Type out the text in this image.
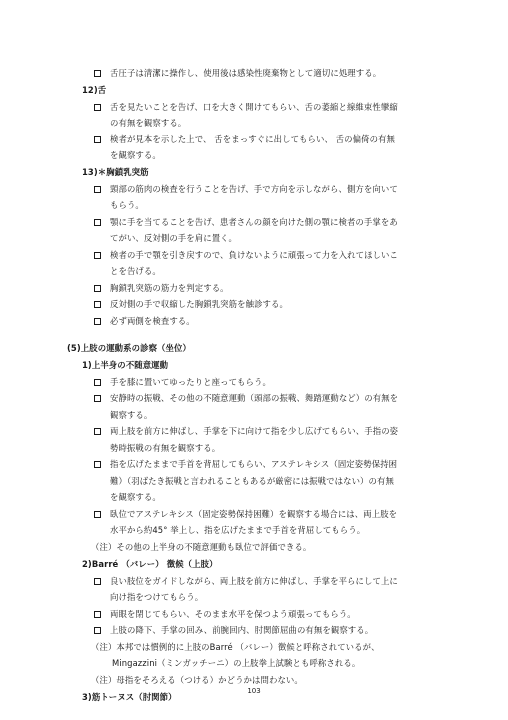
舌圧子は清潔に操作し、使用後は感染性廃棄物として適切に処理する。
12)舌
舌を見たいことを告げ、口を大きく開けてもらい、舌の萎縮と線維束性攣縮
の有無を観察する。
検者が見本を示した上で、 舌をまっすぐに出してもらい、 舌の偏倚の有無
を観察する。
13)＊胸鎖乳突筋
頸部の筋肉の検査を行うことを告げ、手で方向を示しながら、側方を向いて
もらう。
顎に手を当てることを告げ、患者さんの顔を向けた側の顎に検者の手掌をあ
てがい、反対側の手を肩に置く。
検者の手で顎を引き戻すので、負けないように頑張って力を入れてほしいこ
とを告げる。
胸鎖乳突筋の筋力を判定する。
反対側の手で収縮した胸鎖乳突筋を触診する。
必ず両側を検査する。
(5)上肢の運動系の診察（坐位）
1)上半身の不随意運動
手を膝に置いてゆったりと座ってもらう。
安静時の振戦、その他の不随意運動（頭部の振戦、舞踏運動など）の有無を
観察する。
両上肢を前方に伸ばし、手掌を下に向けて指を少し広げてもらい、手指の姿
勢時振戦の有無を観察する。
指を広げたままで手首を背屈してもらい、アステレキシス（固定姿勢保持困
難）（羽ばたき振戦と言われることもあるが厳密には振戦ではない）の有無
を観察する。
臥位でアステレキシス（固定姿勢保持困難）を観察する場合には、両上肢を
水平から約45° 挙上し、指を広げたままで手首を背屈してもらう。
（注）その他の上半身の不随意運動も臥位で評価できる。
2)Barré （バレー） 徴候（上肢）
良い肢位をガイドしながら、両上肢を前方に伸ばし、手掌を平らにして上に
向け指をつけてもらう。
両眼を閉じてもらい、そのまま水平を保つよう頑張ってもらう。
上肢の降下、手掌の回み、前腕回内、肘関節屈曲の有無を観察する。
（注）本邦では慣例的に上肢のBarré （バレー）徴候と呼称されているが、
Mingazzini（ミンガッチーニ）の上肢拳上試験とも呼称される。
（注）母指をそろえる（つける）かどうかは問わない。
3)筋トーヌス（肘関節）
103
